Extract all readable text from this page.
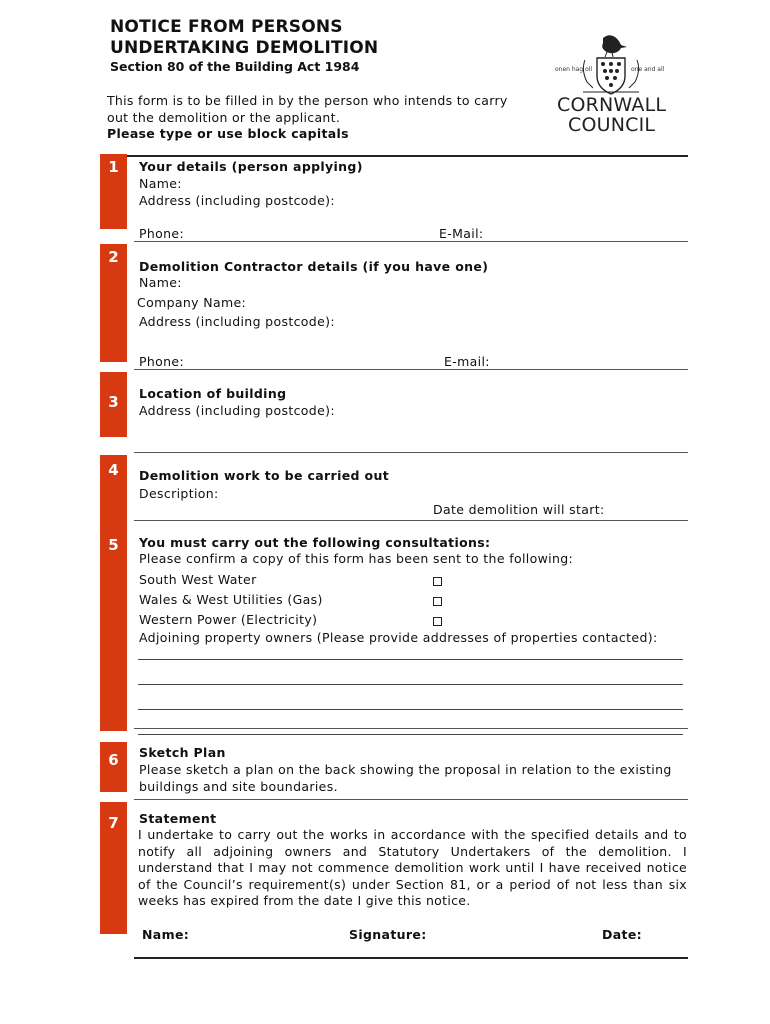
NOTICE FROM PERSONS
UNDERTAKING DEMOLITION
Section 80 of the Building Act 1984
This form is to be filled in by the person who intends to carry
out the demolition or the applicant.
Please type or use block capitals
onen hag oll	one and all
CORNWALL
COUNCIL
1	Your details (person applying)
Name:
Address (including postcode):
Phone:	E-Mail:
2
Demolition Contractor details (if you have one)
Name:
Company Name:
Address (including postcode):
Phone:	E-mail:
3	Location of building
Address (including postcode):
4	Demolition work to be carried out
Description:
Date demolition will start:
5	You must carry out the following consultations:
Please confirm a copy of this form has been sent to the following:
South West Water
Wales & West Utilities (Gas)
Western Power (Electricity)
Adjoining property owners (Please provide addresses of properties contacted):
6	Sketch Plan
Please sketch a plan on the back showing the proposal in relation to the existing
buildings and site boundaries.
7	Statement
I undertake to carry out the works in accordance with the specified details and to notify all adjoining owners and Statutory Undertakers of the demolition. I understand that I may not commence demolition work until I have received notice of the Council’s requirement(s) under Section 81, or a period of not less than six weeks has expired from the date I give this notice.
Name:	Signature:	Date:
